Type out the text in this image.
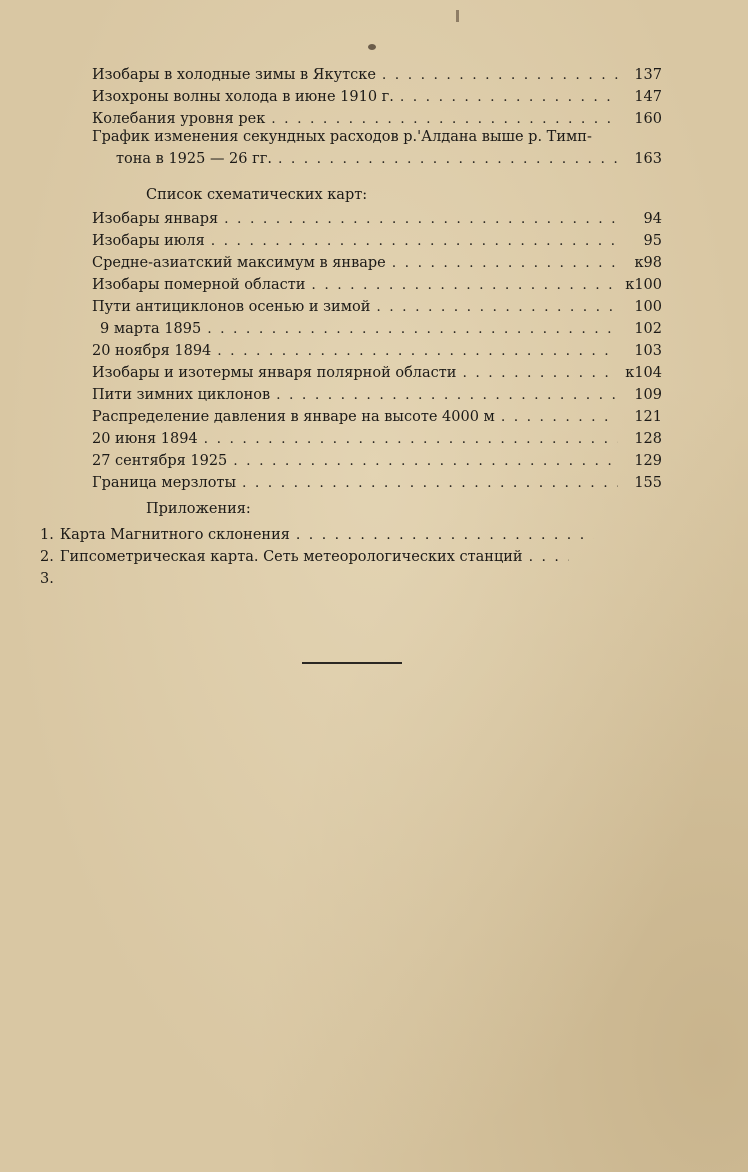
Изобары в холодные зимы в Якутске . . .	137
Изохроны волны холода в июне 1910 г. . . .	147
Колебания уровня рек . . .	160
График изменения секундных расходов р.'Алдана выше р. Тимп-
тона в 1925 — 26 гг. . . .	163
Список схематических карт:
Изобары января . . .	94
Изобары июля . . .	95
Средне-азиатский максимум в январе . . .	к98
Изобары померной области . . .	к100
Пути антициклонов осенью и зимой . . .	100
9 марта 1895 . . .	102
20 ноября 1894 . . .	103
Изобары и изотермы января полярной области . . .	к104
Пити зимних циклонов . . .	109
Распределение давления в январе на высоте 4000 м . . .	121
20 июня 1894 . . .	128
27 сентября 1925 . . .	129
Граница мерзлоты . . .	155
Приложения:
1. Карта Магнитного склонения
. . .
2. Гипсометрическая карта. Сеть метеорологических станций
. . .
3.
